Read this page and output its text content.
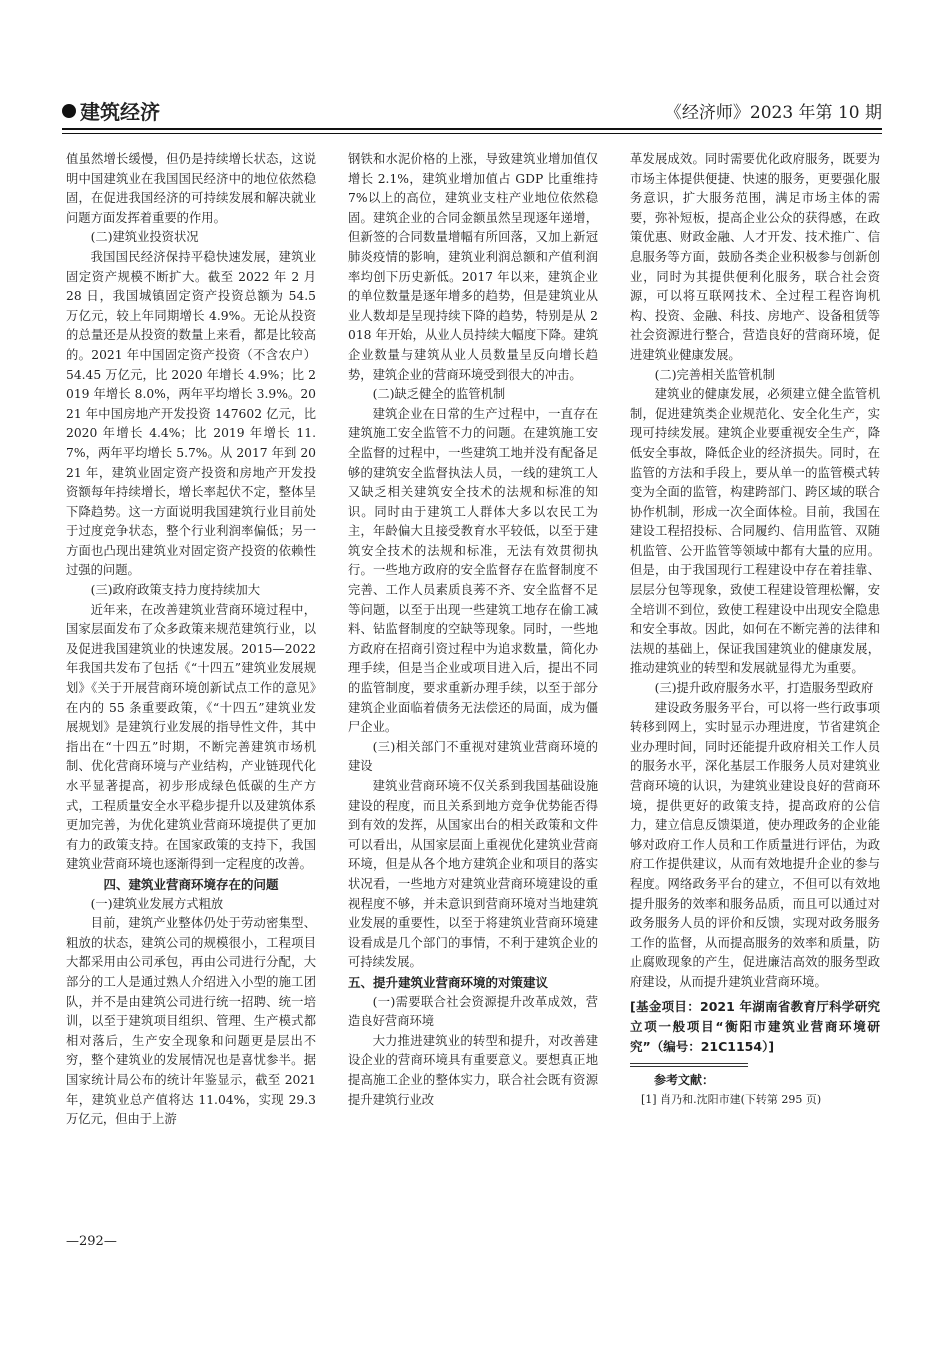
建筑经济	《经济师》2023 年第 10 期

值虽然增长缓慢，但仍是持续增长状态，这说明中国建筑业在我国国民经济中的地位依然稳固，在促进我国经济的可持续发展和解决就业问题方面发挥着重要的作用。

(二)建筑业投资状况

我国国民经济保持平稳快速发展，建筑业固定资产规模不断扩大。截至 2022 年 2 月 28 日，我国城镇固定资产投资总额为 54.5 万亿元，较上年同期增长 4.9%。无论从投资的总量还是从投资的数量上来看，都是比较高的。2021 年中国固定资产投资（不含农户）54.45 万亿元，比 2020 年增长 4.9%；比 2019 年增长 8.0%，两年平均增长 3.9%。2021 年中国房地产开发投资 147602 亿元，比 2020 年增长 4.4%；比 2019 年增长 11.7%，两年平均增长 5.7%。从 2017 年到 2021 年，建筑业固定资产投资和房地产开发投资额每年持续增长，增长率起伏不定，整体呈下降趋势。这一方面说明我国建筑行业目前处于过度竞争状态，整个行业利润率偏低；另一方面也凸现出建筑业对固定资产投资的依赖性过强的问题。

(三)政府政策支持力度持续加大

近年来，在改善建筑业营商环境过程中，国家层面发布了众多政策来规范建筑行业，以及促进我国建筑业的快速发展。2015—2022 年我国共发布了包括《“十四五”建筑业发展规划》《关于开展营商环境创新试点工作的意见》在内的 55 条重要政策，《“十四五”建筑业发展规划》是建筑行业发展的指导性文件，其中指出在“十四五”时期，不断完善建筑市场机制、优化营商环境与产业结构，产业链现代化水平显著提高，初步形成绿色低碳的生产方式，工程质量安全水平稳步提升以及建筑体系更加完善，为优化建筑业营商环境提供了更加有力的政策支持。在国家政策的支持下，我国建筑业营商环境也逐渐得到一定程度的改善。

四、建筑业营商环境存在的问题

(一)建筑业发展方式粗放

目前，建筑产业整体仍处于劳动密集型、粗放的状态，建筑公司的规模很小，工程项目大都采用由公司承包，再由公司进行分配，大部分的工人是通过熟人介绍进入小型的施工团队，并不是由建筑公司进行统一招聘、统一培训，以至于建筑项目组织、管理、生产模式都相对落后，生产安全现象和问题更是层出不穷，整个建筑业的发展情况也是喜忧参半。据国家统计局公布的统计年鉴显示，截至 2021 年，建筑业总产值将达 11.04%，实现 29.3 万亿元，但由于上游

钢铁和水泥价格的上涨，导致建筑业增加值仅增长 2.1%，建筑业增加值占 GDP 比重维持 7%以上的高位，建筑业支柱产业地位依然稳固。建筑企业的合同金额虽然呈现逐年递增，但新签的合同数量增幅有所回落，又加上新冠肺炎疫情的影响，建筑业利润总额和产值利润率均创下历史新低。2017 年以来，建筑企业的单位数量是逐年增多的趋势，但是建筑业从业人数却是呈现持续下降的趋势，特别是从 2018 年开始，从业人员持续大幅度下降。建筑企业数量与建筑从业人员数量呈反向增长趋势，建筑企业的营商环境受到很大的冲击。

(二)缺乏健全的监管机制

建筑企业在日常的生产过程中，一直存在建筑施工安全监管不力的问题。在建筑施工安全监督的过程中，一些建筑工地并没有配备足够的建筑安全监督执法人员，一线的建筑工人又缺乏相关建筑安全技术的法规和标准的知识。同时由于建筑工人群体大多以农民工为主，年龄偏大且接受教育水平较低，以至于建筑安全技术的法规和标准，无法有效贯彻执行。一些地方政府的安全监督存在监督制度不完善、工作人员素质良莠不齐、安全监督不足等问题，以至于出现一些建筑工地存在偷工减料、钻监督制度的空缺等现象。同时，一些地方政府在招商引资过程中为追求数量，简化办理手续，但是当企业或项目进入后，提出不同的监管制度，要求重新办理手续，以至于部分建筑企业面临着债务无法偿还的局面，成为僵尸企业。

(三)相关部门不重视对建筑业营商环境的建设

建筑业营商环境不仅关系到我国基础设施建设的程度，而且关系到地方竞争优势能否得到有效的发挥，从国家出台的相关政策和文件可以看出，从国家层面上重视优化建筑业营商环境，但是从各个地方建筑企业和项目的落实状况看，一些地方对建筑业营商环境建设的重视程度不够，并未意识到营商环境对当地建筑业发展的重要性，以至于将建筑业营商环境建设看成是几个部门的事情，不利于建筑企业的可持续发展。

五、提升建筑业营商环境的对策建议

(一)需要联合社会资源提升改革成效，营造良好营商环境

大力推进建筑业的转型和提升，对改善建设企业的营商环境具有重要意义。要想真正地提高施工企业的整体实力，联合社会既有资源提升建筑行业改

革发展成效。同时需要优化政府服务，既要为市场主体提供便捷、快速的服务，更要强化服务意识，扩大服务范围，满足市场主体的需要，弥补短板，提高企业公众的获得感，在政策优惠、财政金融、人才开发、技术推广、信息服务等方面，鼓励各类企业积极参与创新创业，同时为其提供便利化服务，联合社会资源，可以将互联网技术、全过程工程咨询机构、投资、金融、科技、房地产、设备租赁等社会资源进行整合，营造良好的营商环境，促进建筑业健康发展。

(二)完善相关监管机制

建筑业的健康发展，必须建立健全监管机制，促进建筑类企业规范化、安全化生产，实现可持续发展。建筑企业要重视安全生产，降低安全事故，降低企业的经济损失。同时，在监管的方法和手段上，要从单一的监管模式转变为全面的监管，构建跨部门、跨区域的联合协作机制，形成一次全面体检。目前，我国在建设工程招投标、合同履约、信用监管、双随机监管、公开监管等领域中都有大量的应用。但是，由于我国现行工程建设中存在着挂靠、层层分包等现象，致使工程建设管理松懈，安全培训不到位，致使工程建设中出现安全隐患和安全事故。因此，如何在不断完善的法律和法规的基础上，保证我国建筑业的健康发展，推动建筑业的转型和发展就显得尤为重要。

(三)提升政府服务水平，打造服务型政府

建设政务服务平台，可以将一些行政事项转移到网上，实时显示办理进度，节省建筑企业办理时间，同时还能提升政府相关工作人员的服务水平，深化基层工作服务人员对建筑业营商环境的认识，为建筑业建设良好的营商环境，提供更好的政策支持，提高政府的公信力，建立信息反馈渠道，使办理政务的企业能够对政府工作人员和工作质量进行评估，为政府工作提供建议，从而有效地提升企业的参与程度。网络政务平台的建立，不但可以有效地提升服务的效率和服务品质，而且可以通过对政务服务人员的评价和反馈，实现对政务服务工作的监督，从而提高服务的效率和质量，防止腐败现象的产生，促进廉洁高效的服务型政府建设，从而提升建筑业营商环境。

[基金项目：2021 年湖南省教育厅科学研究立项一般项目“衡阳市建筑业营商环境研究”（编号：21C1154）]
参考文献：
[1] 肖乃和.沈阳市建(下转第 295 页)
—292—
